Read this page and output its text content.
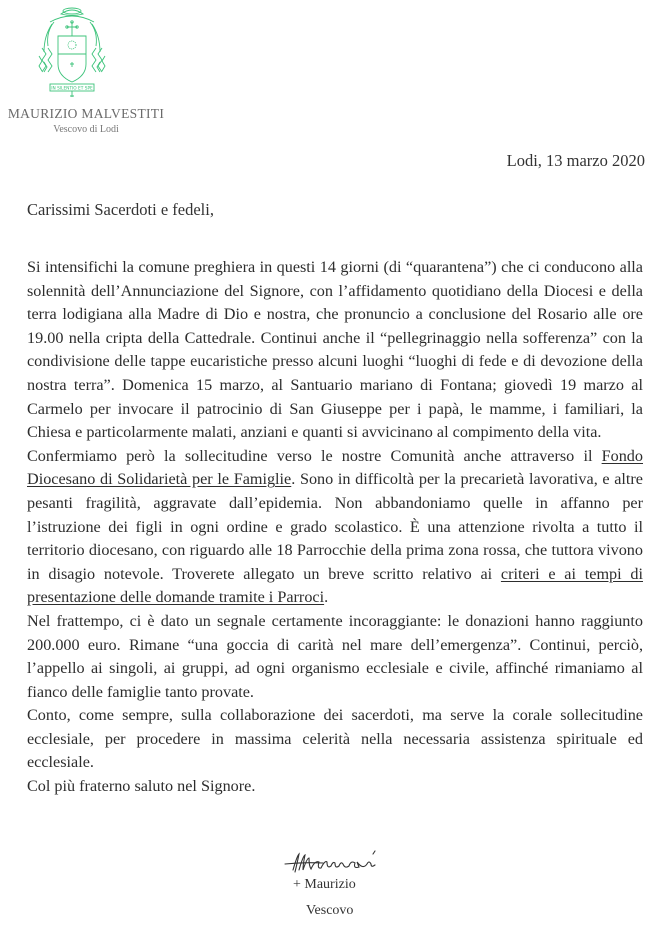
IN SILENTIO ET SPE
MAURIZIO MALVESTITI
Vescovo di Lodi
Lodi, 13 marzo 2020
Carissimi Sacerdoti e fedeli,

Si intensifichi la comune preghiera in questi 14 giorni (di “quarantena”) che ci conducono alla solennità dell’Annunciazione del Signore, con l’affidamento quotidiano della Diocesi e della terra lodigiana alla Madre di Dio e nostra, che pronuncio a conclusione del Rosario alle ore 19.00 nella cripta della Cattedrale. Continui anche il “pellegrinaggio nella sofferenza” con la condivisione delle tappe eucaristiche presso alcuni luoghi “luoghi di fede e di devozione della nostra terra”. Domenica 15 marzo, al Santuario mariano di Fontana; giovedì 19 marzo al Carmelo per invocare il patrocinio di San Giuseppe per i papà, le mamme, i familiari, la Chiesa e particolarmente malati, anziani e quanti si avvicinano al compimento della vita.

Confermiamo però la sollecitudine verso le nostre Comunità anche attraverso il Fondo Diocesano di Solidarietà per le Famiglie. Sono in difficoltà per la precarietà lavorativa, e altre pesanti fragilità, aggravate dall’epidemia. Non abbandoniamo quelle in affanno per l’istruzione dei figli in ogni ordine e grado scolastico. È una attenzione rivolta a tutto il territorio diocesano, con riguardo alle 18 Parrocchie della prima zona rossa, che tuttora vivono in disagio notevole. Troverete allegato un breve scritto relativo ai criteri e ai tempi di presentazione delle domande tramite i Parroci.

Nel frattempo, ci è dato un segnale certamente incoraggiante: le donazioni hanno raggiunto 200.000 euro. Rimane “una goccia di carità nel mare dell’emergenza”. Continui, perciò, l’appello ai singoli, ai gruppi, ad ogni organismo ecclesiale e civile, affinché rimaniamo al fianco delle famiglie tanto provate.

Conto, come sempre, sulla collaborazione dei sacerdoti, ma serve la corale sollecitudine ecclesiale, per procedere in massima celerità nella necessaria assistenza spirituale ed ecclesiale.

Col più fraterno saluto nel Signore.

+ Maurizio
Vescovo
